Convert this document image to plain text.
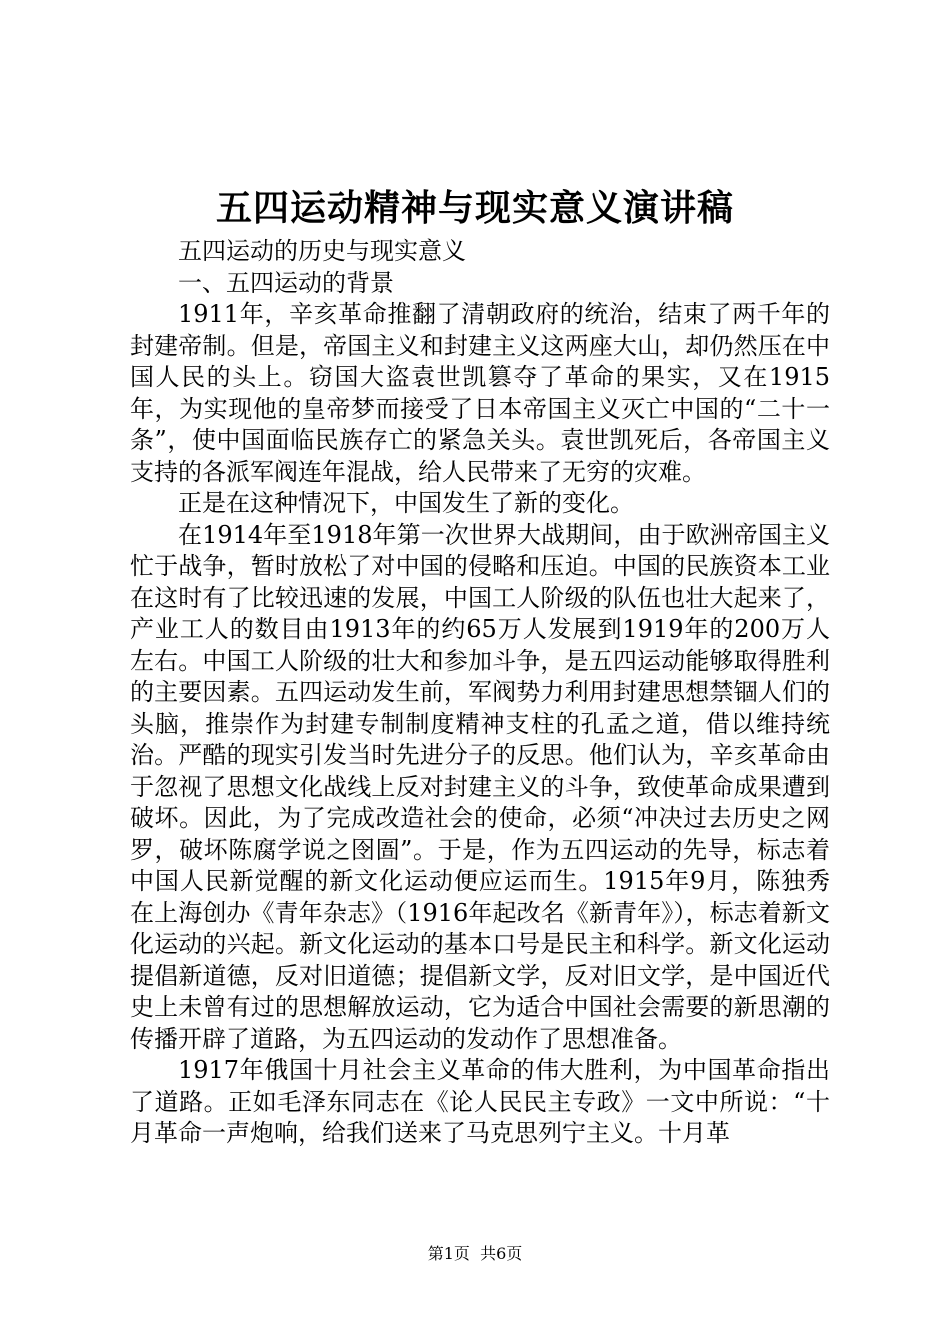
五四运动精神与现实意义演讲稿

五四运动的历史与现实意义

一、五四运动的背景

1911年，辛亥革命推翻了清朝政府的统治，结束了两千年的封建帝制。但是，帝国主义和封建主义这两座大山，却仍然压在中国人民的头上。窃国大盗袁世凯篡夺了革命的果实，又在1915年，为实现他的皇帝梦而接受了日本帝国主义灭亡中国的“二十一条”，使中国面临民族存亡的紧急关头。袁世凯死后，各帝国主义支持的各派军阀连年混战，给人民带来了无穷的灾难。

正是在这种情况下，中国发生了新的变化。

在1914年至1918年第一次世界大战期间，由于欧洲帝国主义忙于战争，暂时放松了对中国的侵略和压迫。中国的民族资本工业在这时有了比较迅速的发展，中国工人阶级的队伍也壮大起来了，产业工人的数目由1913年的约65万人发展到1919年的200万人左右。中国工人阶级的壮大和参加斗争，是五四运动能够取得胜利的主要因素。五四运动发生前，军阀势力利用封建思想禁锢人们的头脑，推崇作为封建专制制度精神支柱的孔孟之道，借以维持统治。严酷的现实引发当时先进分子的反思。他们认为，辛亥革命由于忽视了思想文化战线上反对封建主义的斗争，致使革命成果遭到破坏。因此，为了完成改造社会的使命，必须“冲决过去历史之网罗，破坏陈腐学说之囹圄”。于是，作为五四运动的先导，标志着中国人民新觉醒的新文化运动便应运而生。1915年9月，陈独秀在上海创办《青年杂志》（1916年起改名《新青年》），标志着新文化运动的兴起。新文化运动的基本口号是民主和科学。新文化运动提倡新道德，反对旧道德；提倡新文学，反对旧文学，是中国近代史上未曾有过的思想解放运动，它为适合中国社会需要的新思潮的传播开辟了道路，为五四运动的发动作了思想准备。

1917年俄国十月社会主义革命的伟大胜利，为中国革命指出了道路。正如毛泽东同志在《论人民民主专政》一文中所说：“十月革命一声炮响，给我们送来了马克思列宁主义。十月革

第1页  共6页
